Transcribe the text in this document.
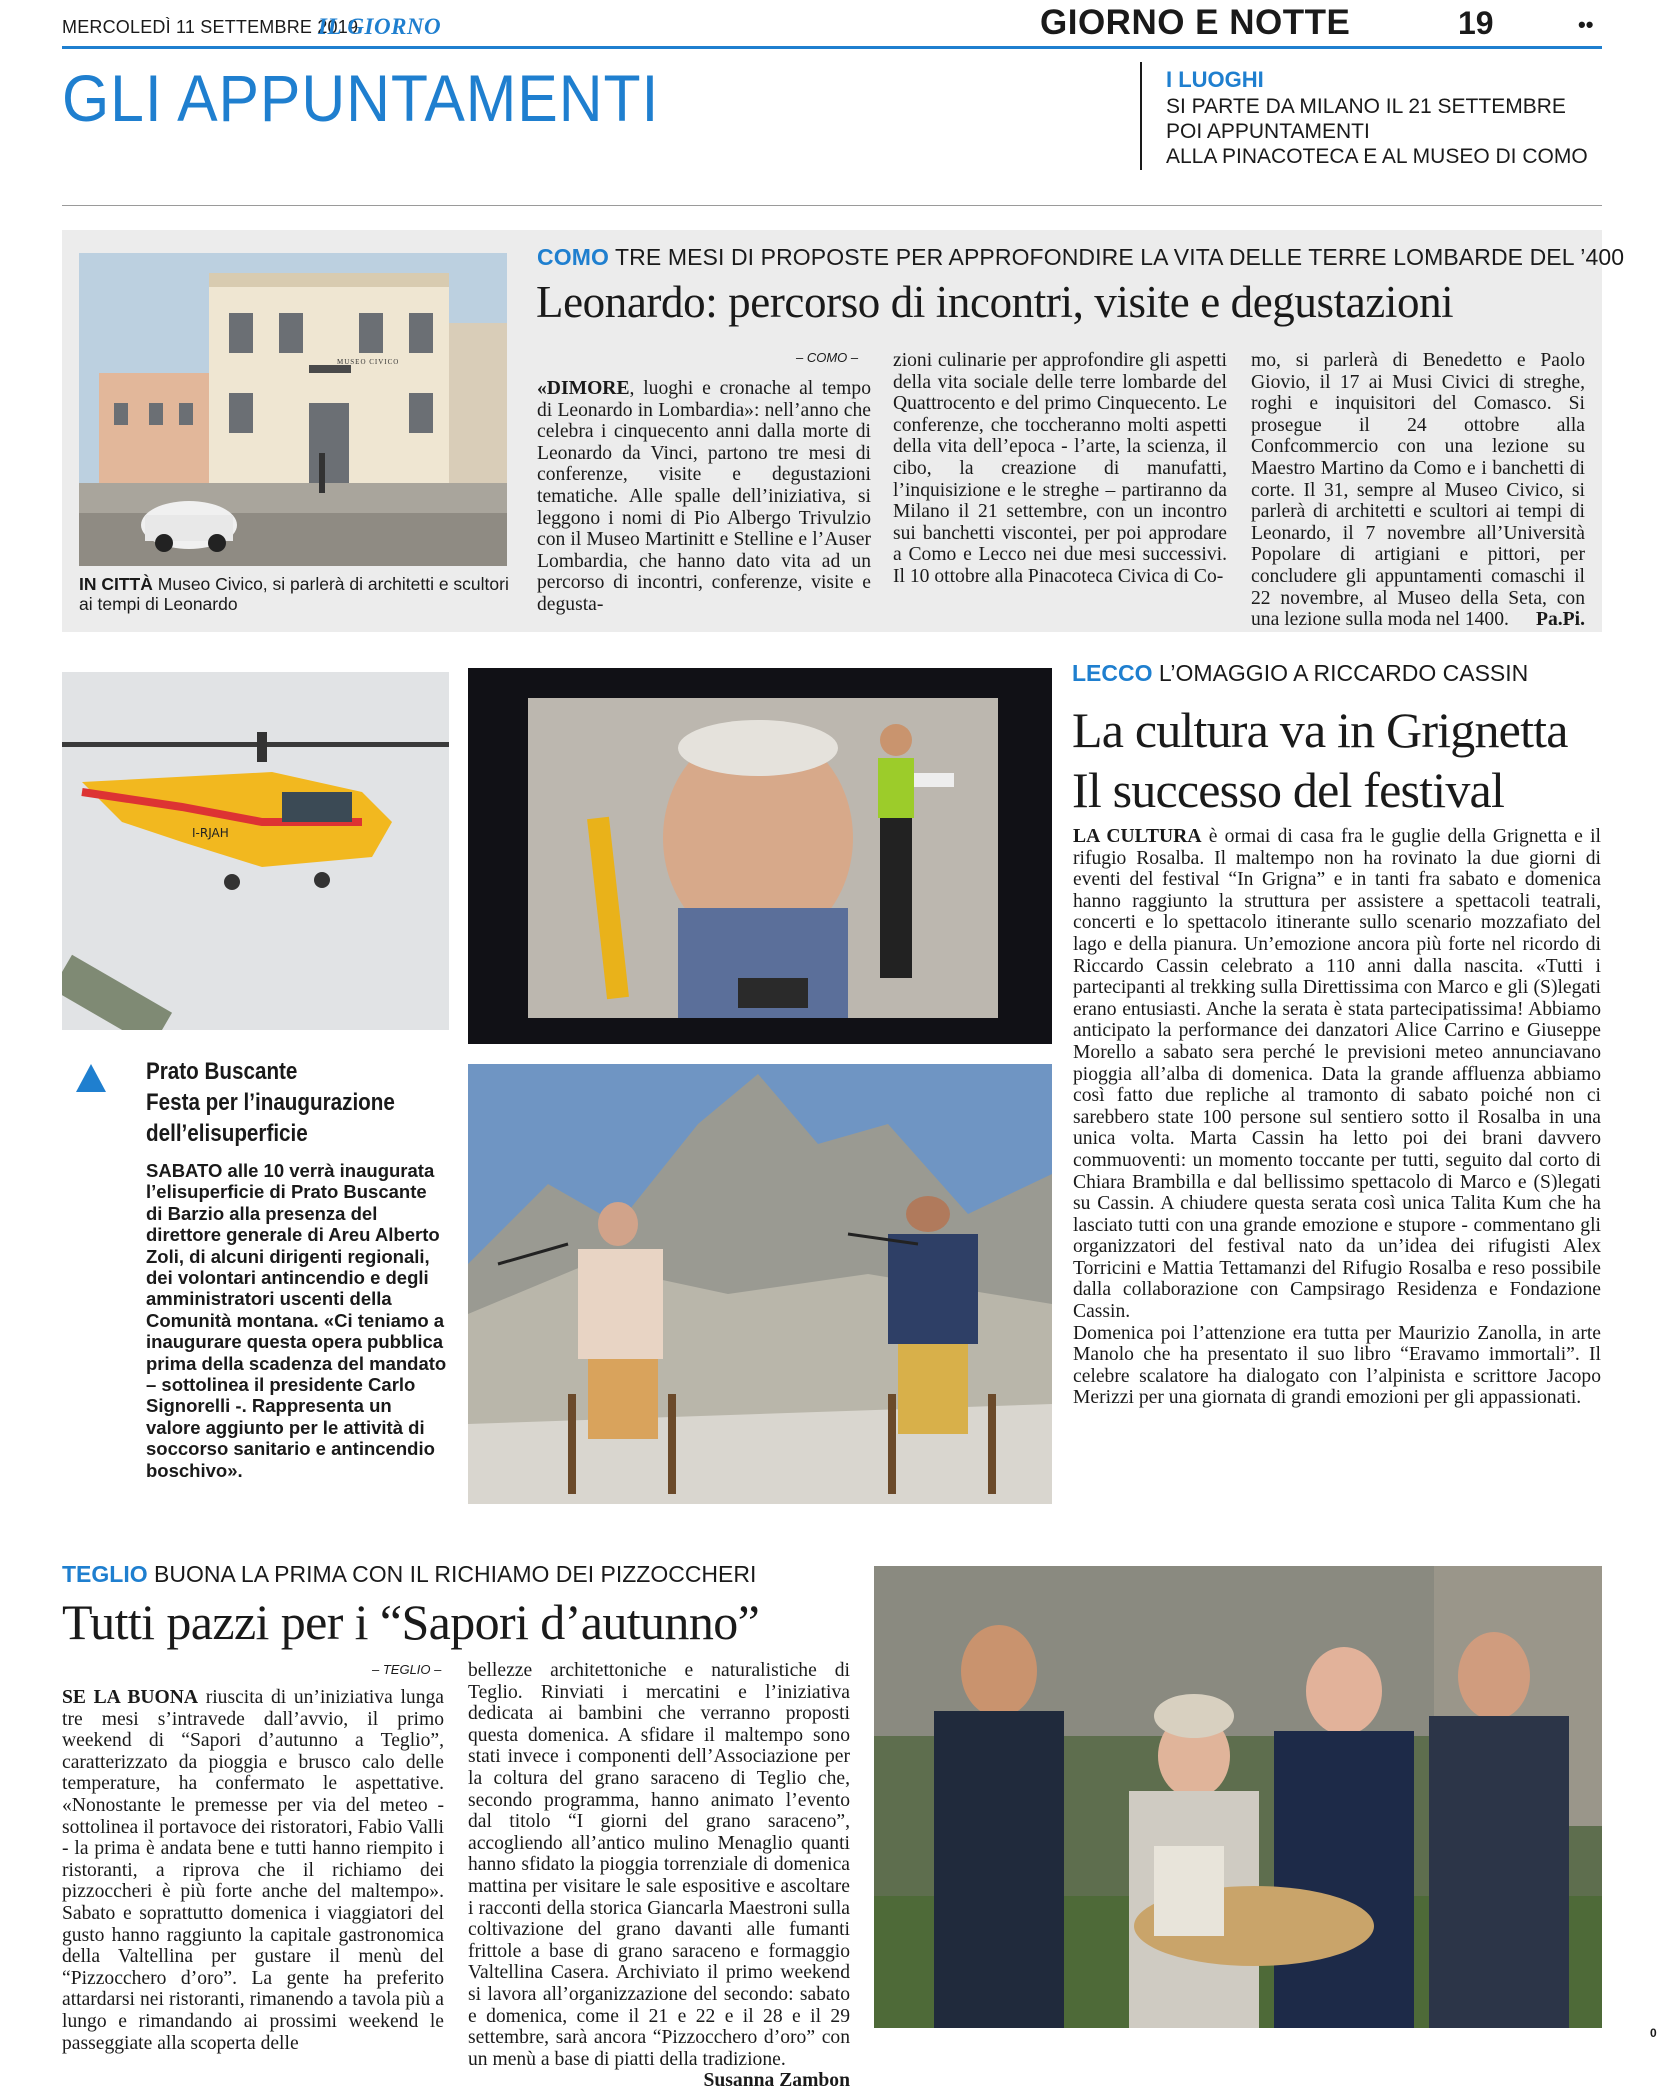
MERCOLEDÌ 11 SETTEMBRE 2019
IL GIORNO	GIORNO E NOTTE	19	••
GLI APPUNTAMENTI	I LUOGHI
SI PARTE DA MILANO IL 21 SETTEMBRE
POI APPUNTAMENTI
ALLA PINACOTECA E AL MUSEO DI COMO
MUSEO CIVICO
IN CITTÀ Museo Civico, si parlerà di architetti e scultori ai tempi di Leonardo
COMO TRE MESI DI PROPOSTE PER APPROFONDIRE LA VITA DELLE TERRE LOMBARDE DEL ’400
Leonardo: percorso di incontri, visite e degustazioni
– COMO –
«DIMORE, luoghi e cronache al tempo di Leonardo in Lombardia»: nell’anno che celebra i cinquecento anni dalla morte di Leonardo da Vinci, partono tre mesi di conferenze, visite e degustazioni tematiche. Alle spalle dell’iniziativa, si leggono i nomi di Pio Albergo Trivulzio con il Museo Martinitt e Stelline e l’Auser Lombardia, che hanno dato vita ad un percorso di incontri, conferenze, visite e degusta-
zioni culinarie per approfondire gli aspetti della vita sociale delle terre lombarde del Quattrocento e del primo Cinquecento. Le conferenze, che toccheranno molti aspetti della vita dell’epoca - l’arte, la scienza, il cibo, la creazione di manufatti, l’inquisizione e le streghe – partiranno da Milano il 21 settembre, con un incontro sui banchetti viscontei, per poi approdare a Como e Lecco nei due mesi successivi. Il 10 ottobre alla Pinacoteca Civica di Co-
mo, si parlerà di Benedetto e Paolo Giovio, il 17 ai Musi Civici di streghe, roghi e inquisitori del Comasco. Si prosegue il 24 ottobre alla Confcommercio con una lezione su Maestro Martino da Como e i banchetti di corte. Il 31, sempre al Museo Civico, si parlerà di architetti e scultori ai tempi di Leonardo, il 7 novembre all’Università Popolare di artigiani e pittori, per concludere gli appuntamenti comaschi il 22 novembre, al Museo della Seta, con una lezione sulla moda nel 1400. Pa.Pi.
I-RJAH
Prato Buscante
Festa per l’inaugurazione
dell’elisuperficie
SABATO alle 10 verrà inaugurata l’elisuperficie di Prato Buscante di Barzio alla presenza del direttore generale di Areu Alberto Zoli, di alcuni dirigenti regionali, dei volontari antincendio e degli amministratori uscenti della Comunità montana. «Ci teniamo a inaugurare questa opera pubblica prima della scadenza del mandato – sottolinea il presidente Carlo Signorelli -. Rappresenta un valore aggiunto per le attività di soccorso sanitario e antincendio boschivo».
LECCO L’OMAGGIO A RICCARDO CASSIN
La cultura va in Grignetta
Il successo del festival

LA CULTURA è ormai di casa fra le guglie della Grignetta e il rifugio Rosalba. Il maltempo non ha rovinato la due giorni di eventi del festival “In Grigna” e in tanti fra sabato e domenica hanno raggiunto la struttura per assistere a spettacoli teatrali, concerti e lo spettacolo itinerante sullo scenario mozzafiato del lago e della pianura. Un’emozione ancora più forte nel ricordo di Riccardo Cassin celebrato a 110 anni dalla nascita. «Tutti i partecipanti al trekking sulla Direttissima con Marco e gli (S)legati erano entusiasti. Anche la serata è stata partecipatissima! Abbiamo anticipato la performance dei danzatori Alice Carrino e Giuseppe Morello a sabato sera perché le previsioni meteo annunciavano pioggia all’alba di domenica. Data la grande affluenza abbiamo così fatto due repliche al tramonto di sabato poiché non ci sarebbero state 100 persone sul sentiero sotto il Rosalba in una unica volta. Marta Cassin ha letto poi dei brani davvero commuoventi: un momento toccante per tutti, seguito dal corto di Chiara Brambilla e dal bellissimo spettacolo di Marco e (S)legati su Cassin. A chiudere questa serata così unica Talita Kum che ha lasciato tutti con una grande emozione e stupore - commentano gli organizzatori del festival nato da un’idea dei rifugisti Alex Torricini e Mattia Tettamanzi del Rifugio Rosalba e reso possibile dalla collaborazione con Campsirago Residenza e Fondazione Cassin.

Domenica poi l’attenzione era tutta per Maurizio Zanolla, in arte Manolo che ha presentato il suo libro “Eravamo immortali”. Il celebre scalatore ha dialogato con l’alpinista e scrittore Jacopo Merizzi per una giornata di grandi emozioni per gli appassionati.

TEGLIO BUONA LA PRIMA CON IL RICHIAMO DEI PIZZOCCHERI
Tutti pazzi per i “Sapori d’autunno”
– TEGLIO –
SE LA BUONA riuscita di un’iniziativa lunga tre mesi s’intravede dall’avvio, il primo weekend di “Sapori d’autunno a Teglio”, caratterizzato da pioggia e brusco calo delle temperature, ha confermato le aspettative. «Nonostante le premesse per via del meteo - sottolinea il portavoce dei ristoratori, Fabio Valli - la prima è andata bene e tutti hanno riempito i ristoranti, a riprova che il richiamo dei pizzoccheri è più forte anche del maltempo». Sabato e soprattutto domenica i viaggiatori del gusto hanno raggiunto la capitale gastronomica della Valtellina per gustare il menù del “Pizzocchero d’oro”. La gente ha preferito attardarsi nei ristoranti, rimanendo a tavola più a lungo e rimandando ai prossimi weekend le passeggiate alla scoperta delle
bellezze architettoniche e naturalistiche di Teglio. Rinviati i mercatini e l’iniziativa dedicata ai bambini che verranno proposti questa domenica. A sfidare il maltempo sono stati invece i componenti dell’Associazione per la coltura del grano saraceno di Teglio che, secondo programma, hanno animato l’evento dal titolo “I giorni del grano saraceno”, accogliendo all’antico mulino Menaglio quanti hanno sfidato la pioggia torrenziale di domenica mattina per visitare le sale espositive e ascoltare i racconti della storica Giancarla Maestroni sulla coltivazione del grano davanti alle fumanti frittole a base di grano saraceno e formaggio Valtellina Casera. Archiviato il primo weekend si lavora all’organizzazione del secondo: sabato e domenica, come il 21 e 22 e il 28 e il 29 settembre, sarà ancora “Pizzocchero d’oro” con un menù a base di piatti della tradizione.
Susanna Zambon
0
